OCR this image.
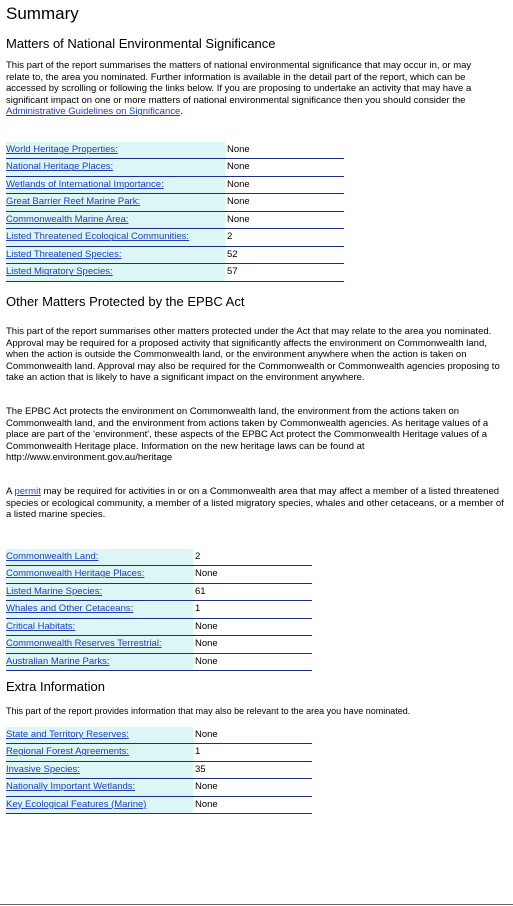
Summary
Matters of National Environmental Significance

This part of the report summarises the matters of national environmental significance that may occur in, or may

relate to, the area you nominated. Further information is available in the detail part of the report, which can be

accessed by scrolling or following the links below. If you are proposing to undertake an activity that may have a

significant impact on one or more matters of national environmental significance then you should consider the

Administrative Guidelines on Significance.

World Heritage Properties:	None
National Heritage Places:	None
Wetlands of International Importance:	None
Great Barrier Reef Marine Park:	None
Commonwealth Marine Area:	None
Listed Threatened Ecological Communities:	2
Listed Threatened Species:	52
Listed Migratory Species:	57
Other Matters Protected by the EPBC Act

This part of the report summarises other matters protected under the Act that may relate to the area you nominated.

Approval may be required for a proposed activity that significantly affects the environment on Commonwealth land,

when the action is outside the Commonwealth land, or the environment anywhere when the action is taken on

Commonwealth land. Approval may also be required for the Commonwealth or Commonwealth agencies proposing to

take an action that is likely to have a significant impact on the environment anywhere.

The EPBC Act protects the environment on Commonwealth land, the environment from the actions taken on

Commonwealth land, and the environment from actions taken by Commonwealth agencies. As heritage values of a

place are part of the 'environment', these aspects of the EPBC Act protect the Commonwealth Heritage values of a

Commonwealth Heritage place. Information on the new heritage laws can be found at

http://www.environment.gov.au/heritage

A permit may be required for activities in or on a Commonwealth area that may affect a member of a listed threatened

species or ecological community, a member of a listed migratory species, whales and other cetaceans, or a member of

a listed marine species.

Commonwealth Land:	2
Commonwealth Heritage Places:	None
Listed Marine Species:	61
Whales and Other Cetaceans:	1
Critical Habitats:	None
Commonwealth Reserves Terrestrial:	None
Australian Marine Parks:	None
Extra Information

This part of the report provides information that may also be relevant to the area you have nominated.

State and Territory Reserves:	None
Regional Forest Agreements:	1
Invasive Species:	35
Nationally Important Wetlands:	None
Key Ecological Features (Marine)	None
